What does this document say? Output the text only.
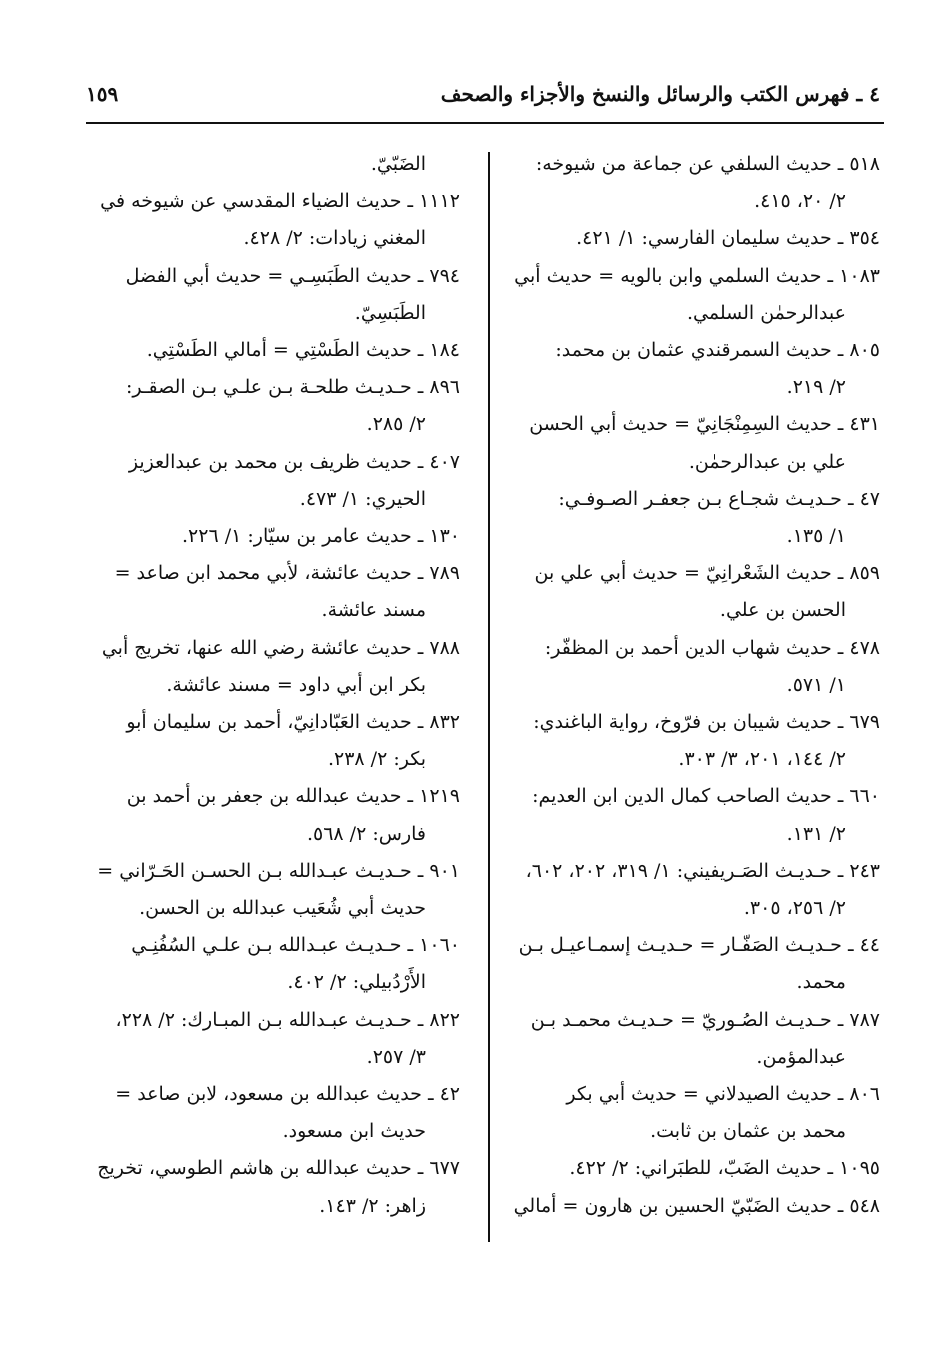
٤ ـ فهرس الكتب والرسائل والنسخ والأجزاء والصحف
١٥٩
٥١٨ ـ حديث السلفي عن جماعة من شيوخه:
٢/ ٢٠، ٤١٥.
٣٥٤ ـ حديث سليمان الفارسي: ١/ ٤٢١.
١٠٨٣ ـ حديث السلمي وابن بالويه = حديث أبي
عبدالرحمٰن السلمي.
٨٠٥ ـ حديث السمرقندي عثمان بن محمد:
٢/ ٢١٩.
٤٣١ ـ حديث السِمِنْجَانِيّ = حديث أبي الحسن
علي بن عبدالرحمٰن.
٤٧ ـ حـديـث شجـاع بـن جعفـر الصـوفـي:
١/ ١٣٥.
٨٥٩ ـ حديث الشَعْرانِيّ = حديث أبي علي بن
الحسن بن علي.
٤٧٨ ـ حديث شهاب الدين أحمد بن المظفّر:
١/ ٥٧١.
٦٧٩ ـ حديث شيبان بن فرّوخ، رواية الباغندي:
٢/ ١٤٤، ٢٠١، ٣/ ٣٠٣.
٦٦٠ ـ حديث الصاحب كمال الدين ابن العديم:
٢/ ١٣١.
٢٤٣ ـ حـديـث الصَـريفيني: ١/ ٣١٩، ٢٠٢، ٦٠٢،
٢/ ٢٥٦، ٣٠٥.
٤٤ ـ حـديـث الصَفّـار = حـديـث إسمـاعيـل بـن
محمد.
٧٨٧ ـ حـديـث الصُـوريّ = حـديـث محمـد بـن
عبدالمؤمن.
٨٠٦ ـ حديث الصيدلاني = حديث أبي بكر
محمد بن عثمان بن ثابت.
١٠٩٥ ـ حديث الضَبّ، للطبَراني: ٢/ ٤٢٢.
٥٤٨ ـ حديث الضَبّيّ الحسين بن هارون = أمالي
الضَبّيّ.
١١١٢ ـ حديث الضياء المقدسي عن شيوخه في
المغني زيادات: ٢/ ٤٢٨.
٧٩٤ ـ حديث الطَبَسِـي = حديث أبي الفضل
الطَبَسِيّ.
١٨٤ ـ حديث الطَسْتِي = أمالي الطَسْتِي.
٨٩٦ ـ حـديـث طلحـة بـن علـي بـن الصقـر:
٢/ ٢٨٥.
٤٠٧ ـ حديث ظريف بن محمد بن عبدالعزيز
الحيري: ١/ ٤٧٣.
١٣٠ ـ حديث عامر بن سيّار: ١/ ٢٢٦.
٧٨٩ ـ حديث عائشة، لأبي محمد ابن صاعد =
مسند عائشة.
٧٨٨ ـ حديث عائشة رضي الله عنها، تخريج أبي
بكر ابن أبي داود = مسند عائشة.
٨٣٢ ـ حديث العَبّادانِيّ، أحمد بن سليمان أبو
بكر: ٢/ ٢٣٨.
١٢١٩ ـ حديث عبدالله بن جعفر بن أحمد بن
فارس: ٢/ ٥٦٨.
٩٠١ ـ حـديـث عبـدالله بـن الحسـن الحَـرّاني =
حديث أبي شُعَيب عبدالله بن الحسن.
١٠٦٠ ـ حـديـث عبـدالله بـن علـي السُفُنِـي
الأَرْدُبيلي: ٢/ ٤٠٢.
٨٢٢ ـ حـديـث عبـدالله بـن المبـارك: ٢/ ٢٢٨،
٣/ ٢٥٧.
٤٢ ـ حديث عبدالله بن مسعود، لابن صاعد =
حديث ابن مسعود.
٦٧٧ ـ حديث عبدالله بن هاشم الطوسي، تخريج
زاهر: ٢/ ١٤٣.
